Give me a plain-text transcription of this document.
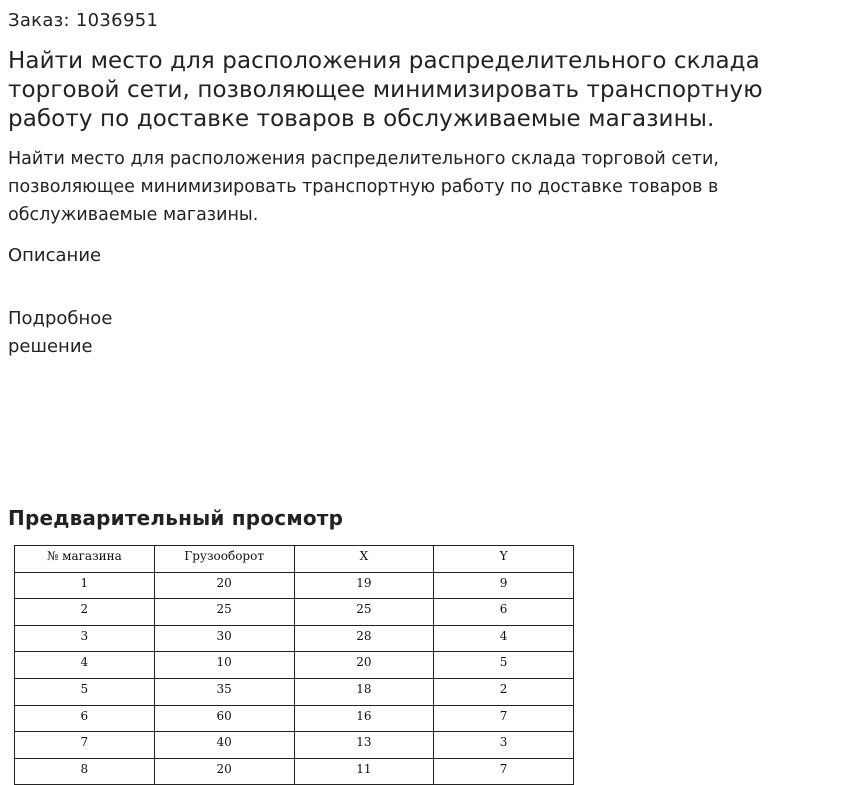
Заказ: 1036951
Найти место для расположения распределительного склада торговой сети, позволяющее минимизировать транспортную работу по доставке товаров в обслуживаемые магазины.

Найти место для расположения распределительного склада торговой сети, позволяющее минимизировать транспортную работу по доставке товаров в обслуживаемые магазины.

Описание
Подробное решение
Предварительный просмотр
№ магазина	Грузооборот	X	Y
1	20	19	9
2	25	25	6
3	30	28	4
4	10	20	5
5	35	18	2
6	60	16	7
7	40	13	3
8	20	11	7
